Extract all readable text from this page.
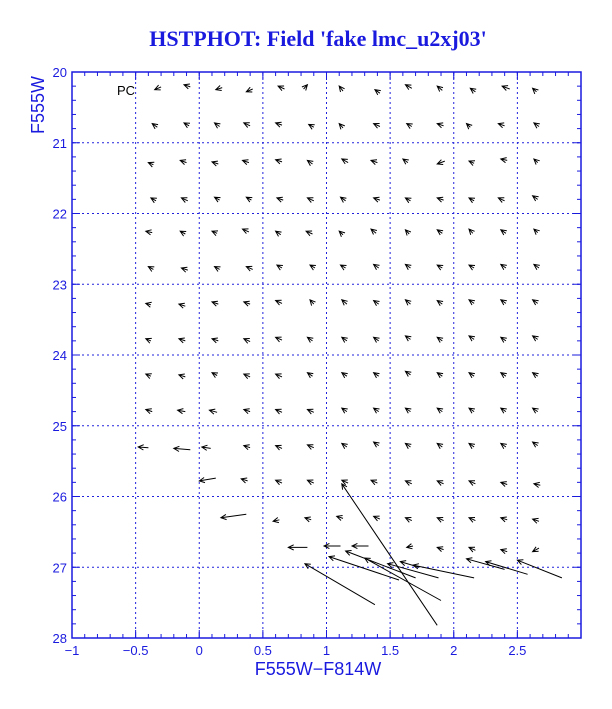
HSTPHOT: Field 'fake lmc_u2xj03'
−1	−0.5	0	0.5	1	1.5	2	2.5
20
21
22
23
24
25
26
27
28
PC
F555W−F814W
F555W
